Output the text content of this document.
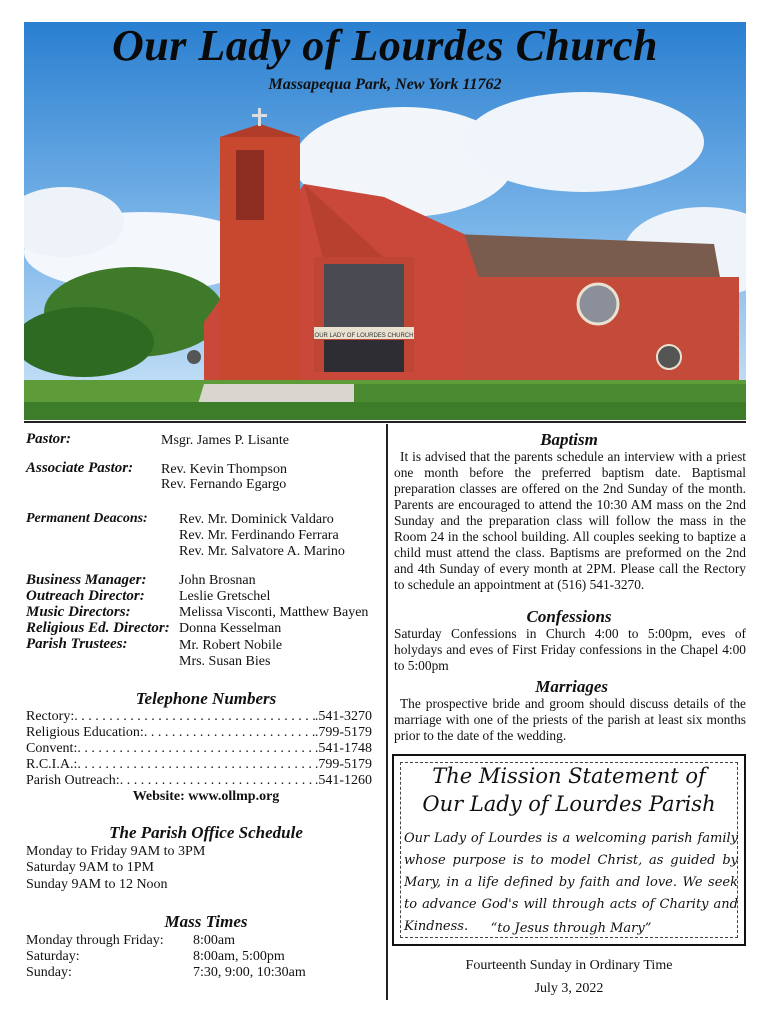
OUR LADY OF LOURDES CHURCH
Our Lady of Lourdes Church
Massapequa Park, New York 11762
Pastor:	Msgr. James P. Lisante
Associate Pastor: Rev. Kevin Thompson
Rev. Fernando Egargo
Permanent Deacons: Rev. Mr. Dominick Valdaro
Rev. Mr. Ferdinando Ferrara
Rev. Mr. Salvatore A. Marino
Business Manager: John Brosnan
Outreach Director: Leslie Gretschel
Music Directors:	Melissa Visconti, Matthew Bayen
Religious Ed. Director: Donna Kesselman
Parish Trustees:	Mr. Robert Nobile
Mrs. Susan Bies
Telephone Numbers
Rectory: . . .	.541-3270
Religious Education: . . .	.799-5179
Convent: . . .	.541-1748
R.C.I.A.: . . .	.799-5179
Parish Outreach: . . .	.541-1260
Website: www.ollmp.org
The Parish Office Schedule
Monday to Friday 9AM to 3PM
Saturday 9AM to 1PM
Sunday 9AM to 12 Noon
Mass Times
Monday through Friday: 8:00am
Saturday:	8:00am, 5:00pm
Sunday:	7:30, 9:00, 10:30am
Baptism
It is advised that the parents schedule an interview with a priest one month before the preferred baptism date. Baptismal preparation classes are offered on the 2nd Sunday of the month. Parents are encouraged to attend the 10:30 AM mass on the 2nd Sunday and the preparation class will follow the mass in the Room 24 in the school building. All couples seeking to baptize a child must attend the class. Baptisms are preformed on the 2nd and 4th Sunday of every month at 2PM. Please call the Rectory to schedule an appointment at (516) 541-3270.
Confessions
Saturday Confessions in Church 4:00 to 5:00pm, eves of holydays and eves of First Friday confessions in the Chapel 4:00 to 5:00pm
Marriages
The prospective bride and groom should discuss details of the marriage with one of the priests of the parish at least six months prior to the date of the wedding.
The Mission Statement of
Our Lady of Lourdes Parish
Our Lady of Lourdes is a welcoming parish family whose purpose is to model Christ, as guided by Mary, in a life defined by faith and love. We seek to advance God's will through acts of Charity and Kindness.	“to Jesus through Mary”
Fourteenth Sunday in Ordinary Time
July 3, 2022
